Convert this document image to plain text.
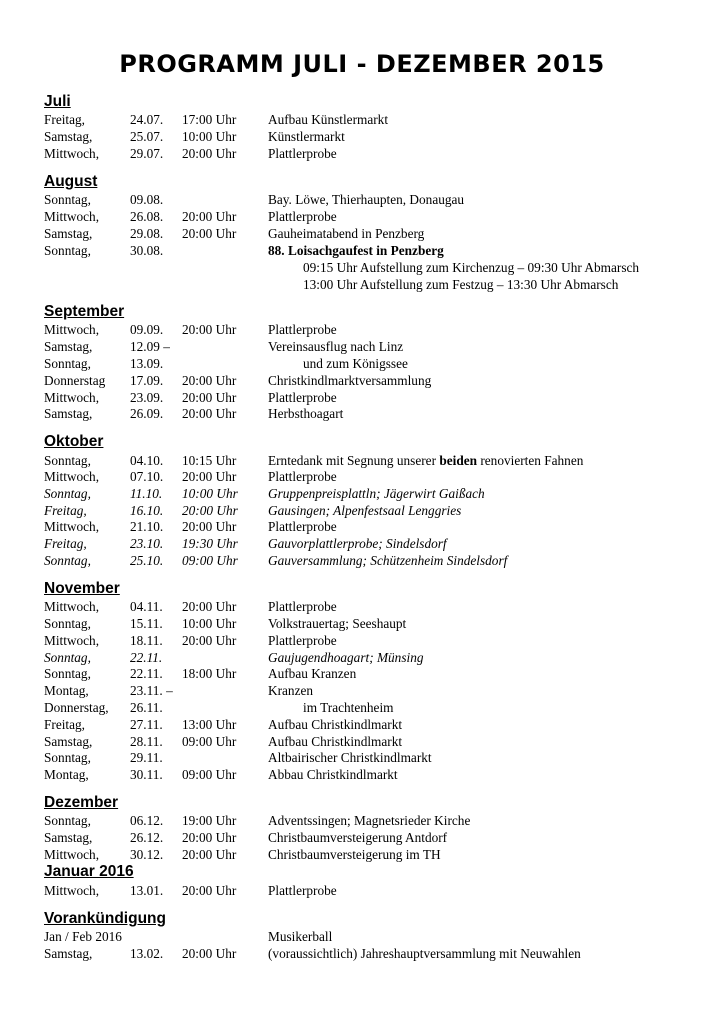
PROGRAMM JULI - DEZEMBER 2015
Juli
Freitag,	24.07. 17:00 Uhr Aufbau Künstlermarkt
Samstag,	25.07. 10:00 Uhr Künstlermarkt
Mittwoch, 29.07. 20:00 Uhr Plattlerprobe
August
Sonntag,	09.08.	Bay. Löwe, Thierhaupten, Donaugau
Mittwoch, 26.08. 20:00 Uhr Plattlerprobe
Samstag,	29.08. 20:00 Uhr Gauheimatabend in Penzberg
Sonntag,	30.08.	88. Loisachgaufest in Penzberg
09:15 Uhr Aufstellung zum Kirchenzug – 09:30 Uhr Abmarsch
13:00 Uhr Aufstellung zum Festzug – 13:30 Uhr Abmarsch
September
Mittwoch, 09.09. 20:00 Uhr Plattlerprobe
Samstag,	12.09 –	Vereinsausflug nach Linz
Sonntag,	13.09.	und zum Königssee
Donnerstag 17.09. 20:00 Uhr Christkindlmarktversammlung
Mittwoch, 23.09. 20:00 Uhr Plattlerprobe
Samstag,	26.09. 20:00 Uhr Herbsthoagart
Oktober
Sonntag,	04.10. 10:15 Uhr Erntedank mit Segnung unserer beiden renovierten Fahnen
Mittwoch, 07.10. 20:00 Uhr Plattlerprobe
Sonntag,	11.10. 10:00 Uhr Gruppenpreisplattln; Jägerwirt Gaißach
Freitag,	16.10. 20:00 Uhr Gausingen; Alpenfestsaal Lenggries
Mittwoch, 21.10. 20:00 Uhr Plattlerprobe
Freitag,	23.10. 19:30 Uhr Gauvorplattlerprobe; Sindelsdorf
Sonntag,	25.10. 09:00 Uhr Gauversammlung; Schützenheim Sindelsdorf
November
Mittwoch, 04.11. 20:00 Uhr Plattlerprobe
Sonntag,	15.11. 10:00 Uhr Volkstrauertag; Seeshaupt
Mittwoch, 18.11. 20:00 Uhr Plattlerprobe
Sonntag,	22.11.	Gaujugendhoagart; Münsing
Sonntag,	22.11. 18:00 Uhr Aufbau Kranzen
Montag,	23.11. –	Kranzen
Donnerstag, 26.11.	im Trachtenheim
Freitag,	27.11. 13:00 Uhr Aufbau Christkindlmarkt
Samstag,	28.11. 09:00 Uhr Aufbau Christkindlmarkt
Sonntag,	29.11.	Altbairischer Christkindlmarkt
Montag,	30.11. 09:00 Uhr Abbau Christkindlmarkt
Dezember
Sonntag,	06.12. 19:00 Uhr Adventssingen; Magnetsrieder Kirche
Samstag,	26.12. 20:00 Uhr Christbaumversteigerung Antdorf
Mittwoch, 30.12. 20:00 Uhr Christbaumversteigerung im TH
Januar 2016
Mittwoch, 13.01. 20:00 Uhr Plattlerprobe
Vorankündigung
Jan / Feb 2016	Musikerball
Samstag,	13.02. 20:00 Uhr (voraussichtlich) Jahreshauptversammlung mit Neuwahlen
